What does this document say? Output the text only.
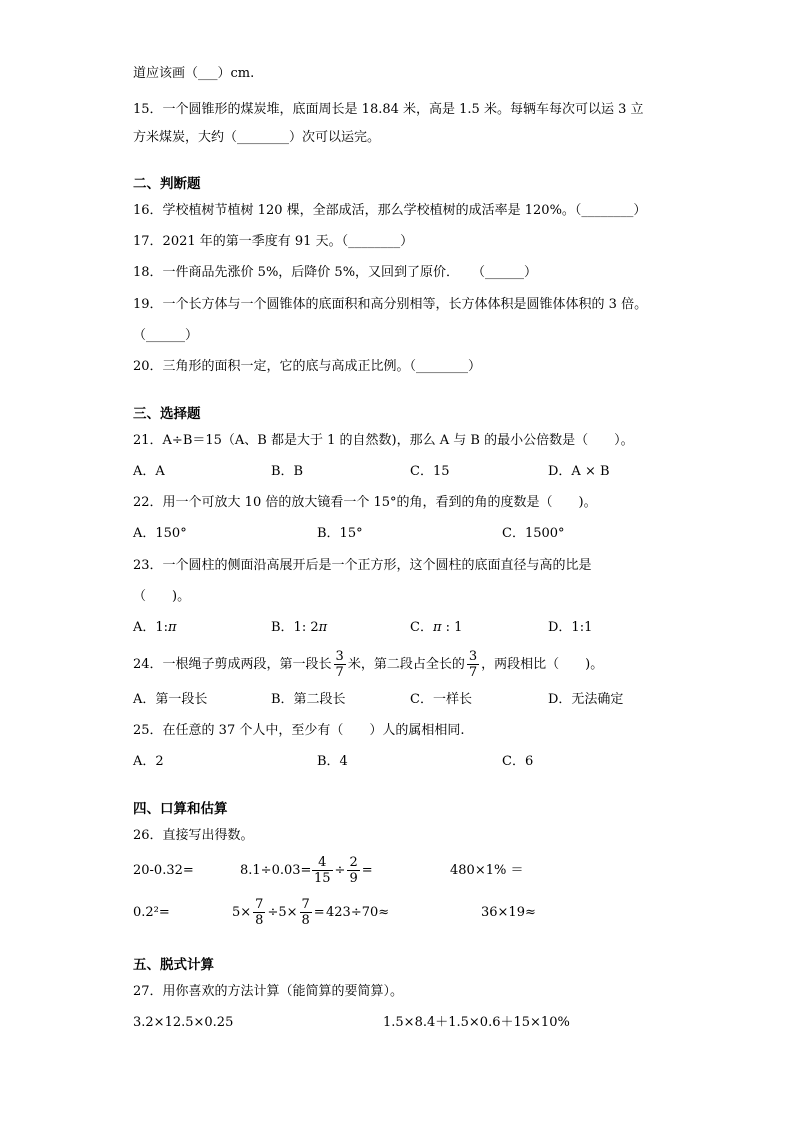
道应该画（___）cm.
15．一个圆锥形的煤炭堆，底面周长是 18.84 米，高是 1.5 米。每辆车每次可以运 3 立
方米煤炭，大约（________）次可以运完。
二、判断题
16．学校植树节植树 120 棵，全部成活，那么学校植树的成活率是 120%。（________）
17．2021 年的第一季度有 91 天。（________）
18．一件商品先涨价 5%，后降价 5%，又回到了原价．　　（______）
19．一个长方体与一个圆锥体的底面积和高分别相等，长方体体积是圆锥体体积的 3 倍。
（______）
20．三角形的面积一定，它的底与高成正比例。（________）
三、选择题
21．A÷B＝15（A、B 都是大于 1 的自然数)，那么 A 与 B 的最小公倍数是（　　）。
A．A	B．B	C．15	D．A × B
22．用一个可放大 10 倍的放大镜看一个 15°的角，看到的角的度数是（　　)。
A．150°	B．15°	C．1500°
23．一个圆柱的侧面沿高展开后是一个正方形，这个圆柱的底面直径与高的比是
（　　)。
A．1:π	B．1: 2π	C．π : 1	D．1:1
24．一根绳子剪成两段，第一段长 $\frac{3}{7}$ 米，第二段占全长的 $\frac{3}{7}$ ，两段相比（　　)。
A．第一段长	B．第二段长	C．一样长	D．无法确定
25．在任意的 37 个人中，至少有（　　）人的属相相同.
A．2	B．4	C．6
四、口算和估算
26．直接写出得数。
20-0.32=	$8.1\div 0.03= \frac{4}{15} \div \frac{2}{9}$ =	480×1% ＝
0.2²=	$5\times \frac{7}{8} \div 5\times \frac{7}{8} = 423\div 70\approx$	36×19≈
五、脱式计算
27．用你喜欢的方法计算（能简算的要简算）。
3.2×12.5×0.25	1.5×8.4＋1.5×0.6＋15×10%
